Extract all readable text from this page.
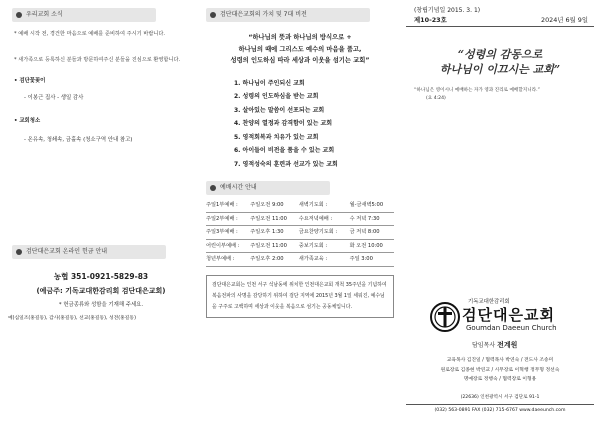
우리교회 소식
* 예배 시작 전, 경건한 마음으로 예배를 준비하여 주시기 바랍니다.
* 새가족으로 등록하신 분들과 방문하여주신 분들을 진심으로 환영합니다.
• 검단꽃꽂이
- 이봉근 집사 - 생일 감사
• 교회청소
- 온유속, 청쇄속, 금홀속 (청소구역 안내 참고)
검단대은교회 온라인 헌금 안내
농협 351-0921-5829-83
(예금주: 기독교대한감리회 검단대은교회)
* 헌금종류와 성함을 기재해 주세요.
예)십일조(홍길동), 감사(홍길동), 선교(홍길동), 성전(홍길동)
검단대은교회의 가치 및 7대 비전
“하나님의 뜻과 하나님의 방식으로 +
하나님의 때에 그리스도 예수의 마음을 품고,
성령의 인도하심 따라 세상과 이웃을 섬기는 교회”
1. 하나님이 주인되신 교회
2. 성령의 인도하심을 받는 교회
3. 살아있는 말씀이 선포되는 교회
4. 찬양의 열정과 감격함이 있는 교회
5. 영적회복과 치유가 있는 교회
6. 아이들이 비전을 품을 수 있는 교회
7. 영적성숙의 훈련과 선교가 있는 교회
예배시간 안내
주일1부예배 :	주일오전 9:00	새벽기도회 :	월-금새벽5:00
주일2부예배 :	주일오전 11:00	수요저녁예배 :	수 저녁 7:30
주일3부예배 :	주일오후 1:30	금요찬양기도회 :	금 저녁 8:00
어린이부예배 :	주일오전 11:00	중보기도회 :	화 오전 10:00
청년부예배 :	주일오후 2:00	새가족교육 :	주일 3:00
검단대은교회는 인천 서구 석남동에 위치한 인천대은교회 개척 35주년을 기념하여 복음전파의 사명을 감당하기 위하여 검단 지역에 2015년 3월 1일 세워진, 예수님을 구주로 고백하며 세상과 이웃을 복음으로 섬기는 공동체입니다.
(창립기념일 2015. 3. 1)
제10-23호	2024년 6월 9일
“성령의 감동으로
하나님이 이끄시는 교회”
“하나님은 영이시니 예배하는 자가 영과 진리로 예배할지니라.”
(요 4:24)
기독교대한감리회
검단대은교회
Goumdan Daeeun Church
담임목사 전계원
교육목사 김진일 / 협력목사 박연숙 / 전도사 조송미
원로장로 김종현 박연교 / 시무장로 이혁행 정무형 정선숙
명예장로 정행숙 / 협력장로 이형용
(22636) 인천광역시 서구 검단로 91-1
(032) 563-0891 FAX (032) 715-6767 www.daeeunch.com
